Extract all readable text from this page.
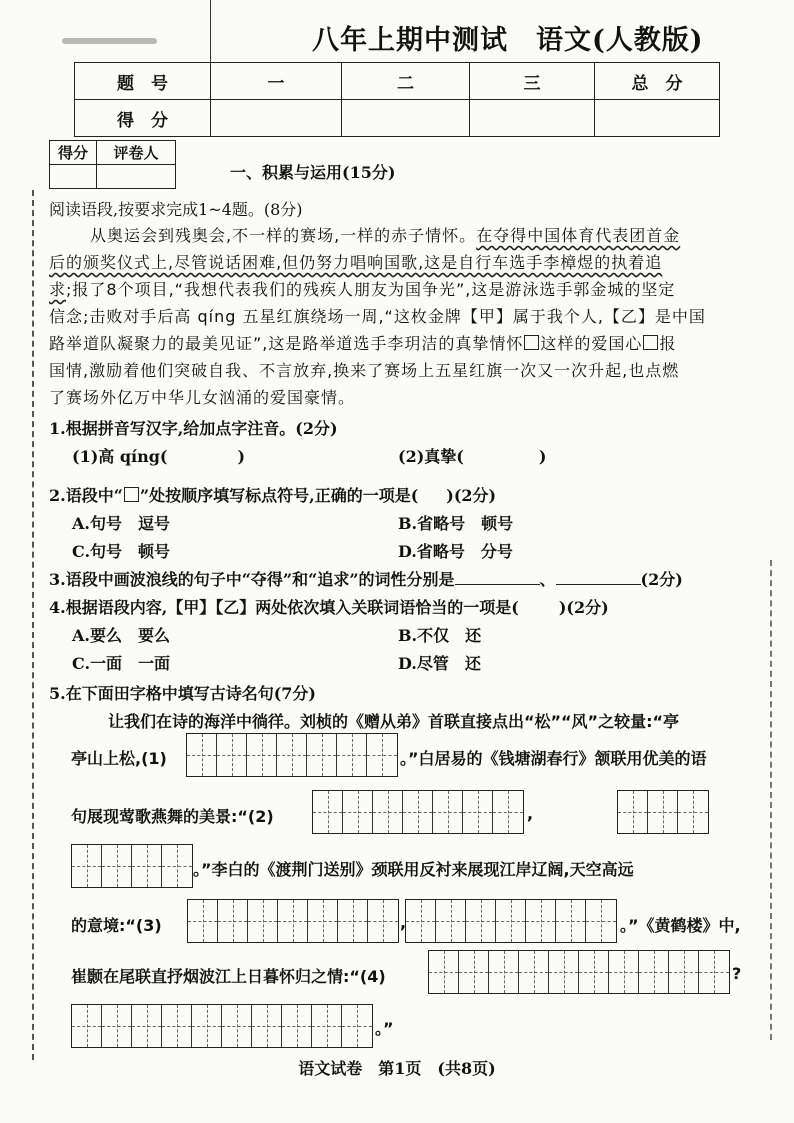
八年上期中测试　语文(人教版)
题　号	一	二	三	总　分
得　分				
得分	评卷人

一、积累与运用(15分)
阅读语段,按要求完成1~4题。(8分)
从奥运会到残奥会,不一样的赛场,一样的赤子情怀。在夺得中国体育代表团首金
后的颁奖仪式上,尽管说话困难,但仍努力唱响国歌,这是自行车选手李樟煜的执着追
求;报了8个项目,“我想代表我们的残疾人朋友为国争光”,这是游泳选手郭金城的坚定
信念;击败对手后高 qíng 五星红旗绕场一周,“这枚金牌【甲】属于我个人,【乙】是中国
路举道队凝聚力的最美见证”,这是路举道选手李玥洁的真挚情怀 这样的爱国心 报
国情,激励着他们突破自我、不言放弃,换来了赛场上五星红旗一次又一次升起,也点燃
了赛场外亿万中华儿女汹涌的爱国豪情。
1.根据拼音写汉字,给加点字注音。(2分)
(1)高 qíng(	)	(2)真挚(	)
2.语段中“ ”处按顺序填写标点符号,正确的一项是( )(2分)
A.句号　逗号	B.省略号　顿号
C.句号　顿号	D.省略号　分号
3.语段中画波浪线的句子中“夺得”和“追求”的词性分别是	、	(2分)
4.根据语段内容,【甲】【乙】两处依次填入关联词语恰当的一项是(	)(2分)
A.要么　要么	B.不仅　还
C.一面　一面	D.尽管　还
5.在下面田字格中填写古诗名句(7分)
让我们在诗的海洋中徜徉。刘桢的《赠从弟》首联直接点出“松”“风”之较量:“亭
亭山上松,(1)	。”白居易的《钱塘湖春行》颔联用优美的语
句展现莺歌燕舞的美景:“(2)	,
。”李白的《渡荆门送别》颈联用反衬来展现江岸辽阔,天空高远
的意境:“(3)	,	。”《黄鹤楼》中,
崔颢在尾联直抒烟波江上日暮怀归之情:“(4)	?
。”
语文试卷　第1页　(共8页)
